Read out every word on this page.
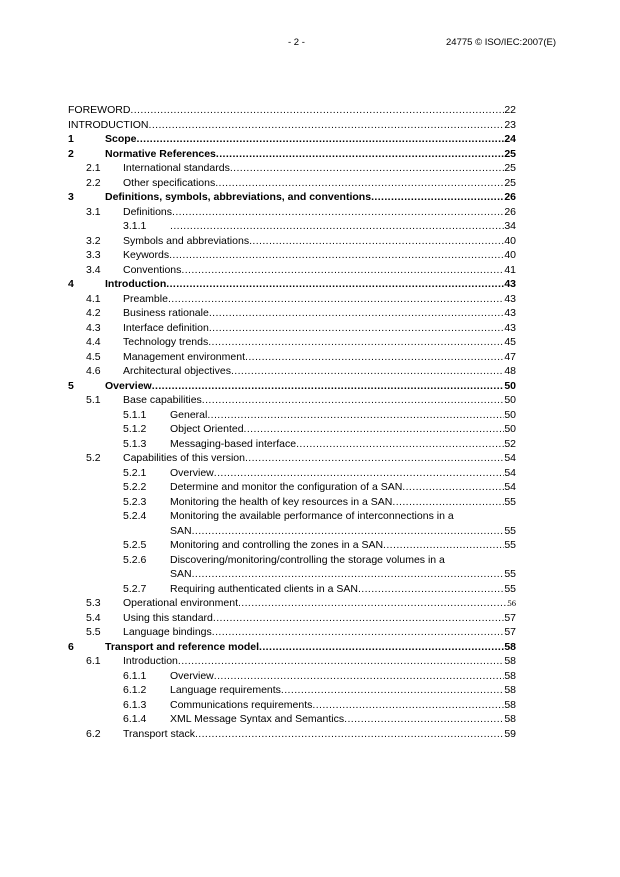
- 2 -	24775 © ISO/IEC:2007(E)
FOREWORD .....	22
INTRODUCTION .....	23
1	Scope .....	24
2	Normative References .....	25
2.1	International standards .....	25
2.2	Other specifications .....	25
3	Definitions, symbols, abbreviations, and conventions .....	26
3.1	Definitions .....	26
3.1.1 .....	34
3.2	Symbols and abbreviations .....	40
3.3	Keywords .....	40
3.4	Conventions .....	41
4	Introduction .....	43
4.1	Preamble .....	43
4.2	Business rationale .....	43
4.3	Interface definition .....	43
4.4	Technology trends .....	45
4.5	Management environment .....	47
4.6	Architectural objectives .....	48
5	Overview .....	50
5.1	Base capabilities .....	50
5.1.1	General .....	50
5.1.2	Object Oriented .....	50
5.1.3	Messaging-based interface .....	52
5.2	Capabilities of this version .....	54
5.2.1	Overview .....	54
5.2.2	Determine and monitor the configuration of a SAN .....	54
5.2.3	Monitoring the health of key resources in a SAN .....	55
5.2.4	Monitoring the available performance of interconnections in a
SAN .....	55
5.2.5	Monitoring and controlling the zones in a SAN .....	55
5.2.6	Discovering/monitoring/controlling the storage volumes in a
SAN .....	55
5.2.7	Requiring authenticated clients in a SAN .....	55
5.3	Operational environment .....	56
5.4	Using this standard .....	57
5.5	Language bindings .....	57
6	Transport and reference model .....	58
6.1	Introduction .....	58
6.1.1	Overview .....	58
6.1.2	Language requirements .....	58
6.1.3	Communications requirements .....	58
6.1.4	XML Message Syntax and Semantics .....	58
6.2	Transport stack .....	59
